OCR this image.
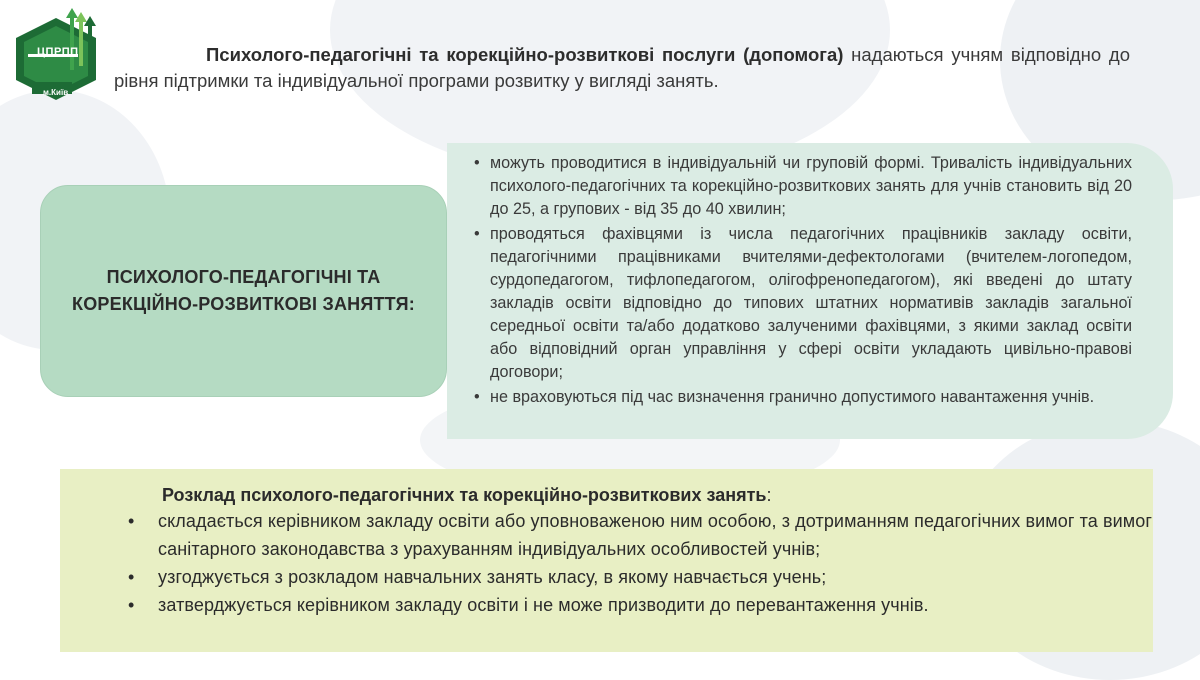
ЦПРПП
м.Київ
Психолого-педагогічні та корекційно-розвиткові послуги (допомога) надаються учням відповідно до рівня підтримки та індивідуальної програми розвитку у вигляді занять.
ПСИХОЛОГО-ПЕДАГОГІЧНІ ТА КОРЕКЦІЙНО-РОЗВИТКОВІ ЗАНЯТТЯ:
• можуть проводитися в індивідуальній чи груповій формі. Тривалість індивідуальних психолого-педагогічних та корекційно-розвиткових занять для учнів становить від 20 до 25, а групових - від 35 до 40 хвилин;
• проводяться фахівцями із числа педагогічних працівників закладу освіти, педагогічними працівниками вчителями-дефектологами (вчителем-логопедом, сурдопедагогом, тифлопедагогом, олігофренопедагогом), які введені до штату закладів освіти відповідно до типових штатних нормативів закладів загальної середньої освіти та/або додатково залученими фахівцями, з якими заклад освіти або відповідний орган управління у сфері освіти укладають цивільно-правові договори;
• не враховуються під час визначення гранично допустимого навантаження учнів.
Розклад психолого-педагогічних та корекційно-розвиткових занять:
• складається керівником закладу освіти або уповноваженою ним особою, з дотриманням педагогічних вимог та вимог санітарного законодавства з урахуванням індивідуальних особливостей учнів;
• узгоджується з розкладом навчальних занять класу, в якому навчається учень;
• затверджується керівником закладу освіти і не може призводити до перевантаження учнів.
